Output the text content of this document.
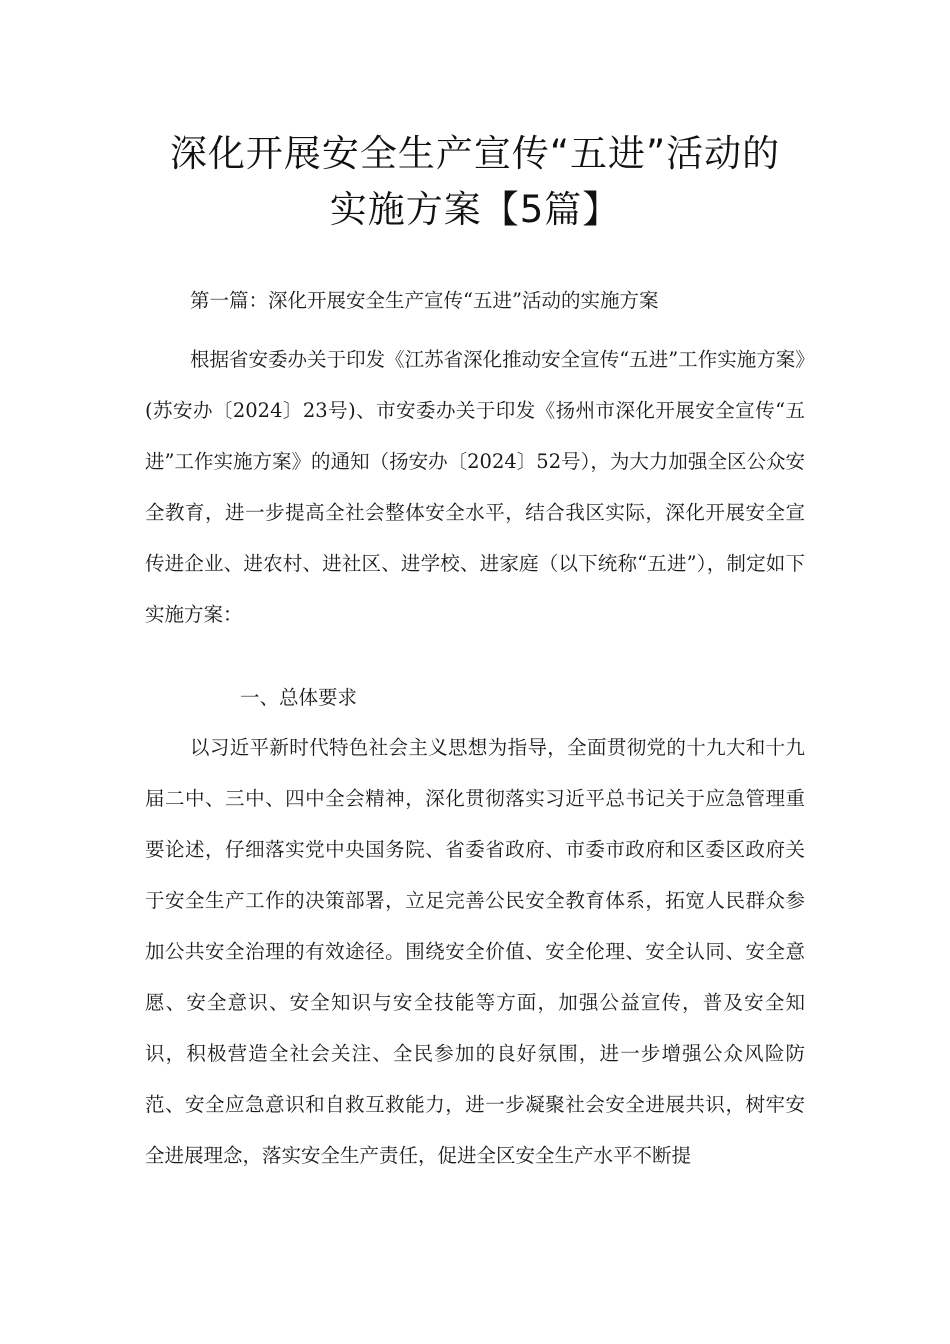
深化开展安全生产宣传“五进”活动的
实施方案【5篇】
第一篇：深化开展安全生产宣传“五进”活动的实施方案

根据省安委办关于印发《江苏省深化推动安全宣传“五进”工作实施方案》(苏安办〔2024〕23号)、市安委办关于印发《扬州市深化开展安全宣传“五进”工作实施方案》的通知（扬安办〔2024〕52号），为大力加强全区公众安全教育，进一步提高全社会整体安全水平，结合我区实际，深化开展安全宣传进企业、进农村、进社区、进学校、进家庭（以下统称“五进”），制定如下实施方案：

一、总体要求

以习近平新时代特色社会主义思想为指导，全面贯彻党的十九大和十九届二中、三中、四中全会精神，深化贯彻落实习近平总书记关于应急管理重要论述，仔细落实党中央国务院、省委省政府、市委市政府和区委区政府关于安全生产工作的决策部署，立足完善公民安全教育体系，拓宽人民群众参加公共安全治理的有效途径。围绕安全价值、安全伦理、安全认同、安全意愿、安全意识、安全知识与安全技能等方面，加强公益宣传，普及安全知识，积极营造全社会关注、全民参加的良好氛围，进一步增强公众风险防范、安全应急意识和自救互救能力，进一步凝聚社会安全进展共识，树牢安全进展理念，落实安全生产责任，促进全区安全生产水平不断提
